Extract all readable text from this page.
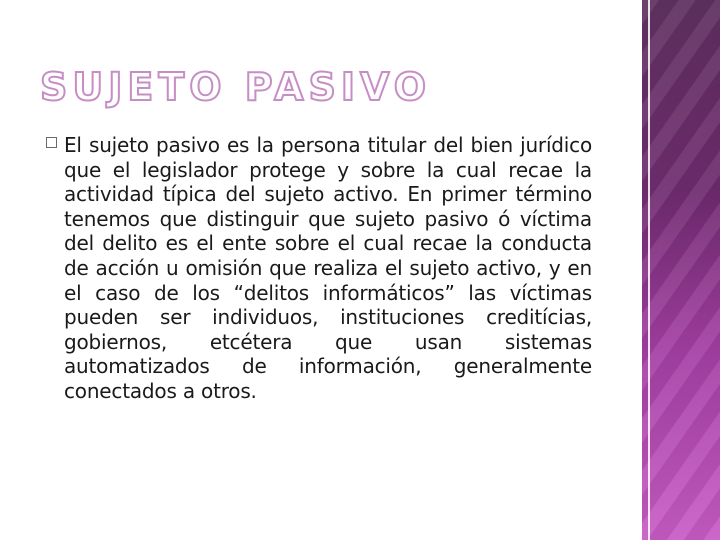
SUJETO PASIVO

El sujeto pasivo es la persona titular del bien jurídico que el legislador protege y sobre la cual recae la actividad típica del sujeto activo. En primer término tenemos que distinguir que sujeto pasivo ó víctima del delito es el ente sobre el cual recae la conducta de acción u omisión que realiza el sujeto activo, y en el caso de los “delitos informáticos” las víctimas pueden ser individuos, instituciones creditícias, gobiernos, etcétera que usan sistemas automatizados de información, generalmente conectados a otros.
